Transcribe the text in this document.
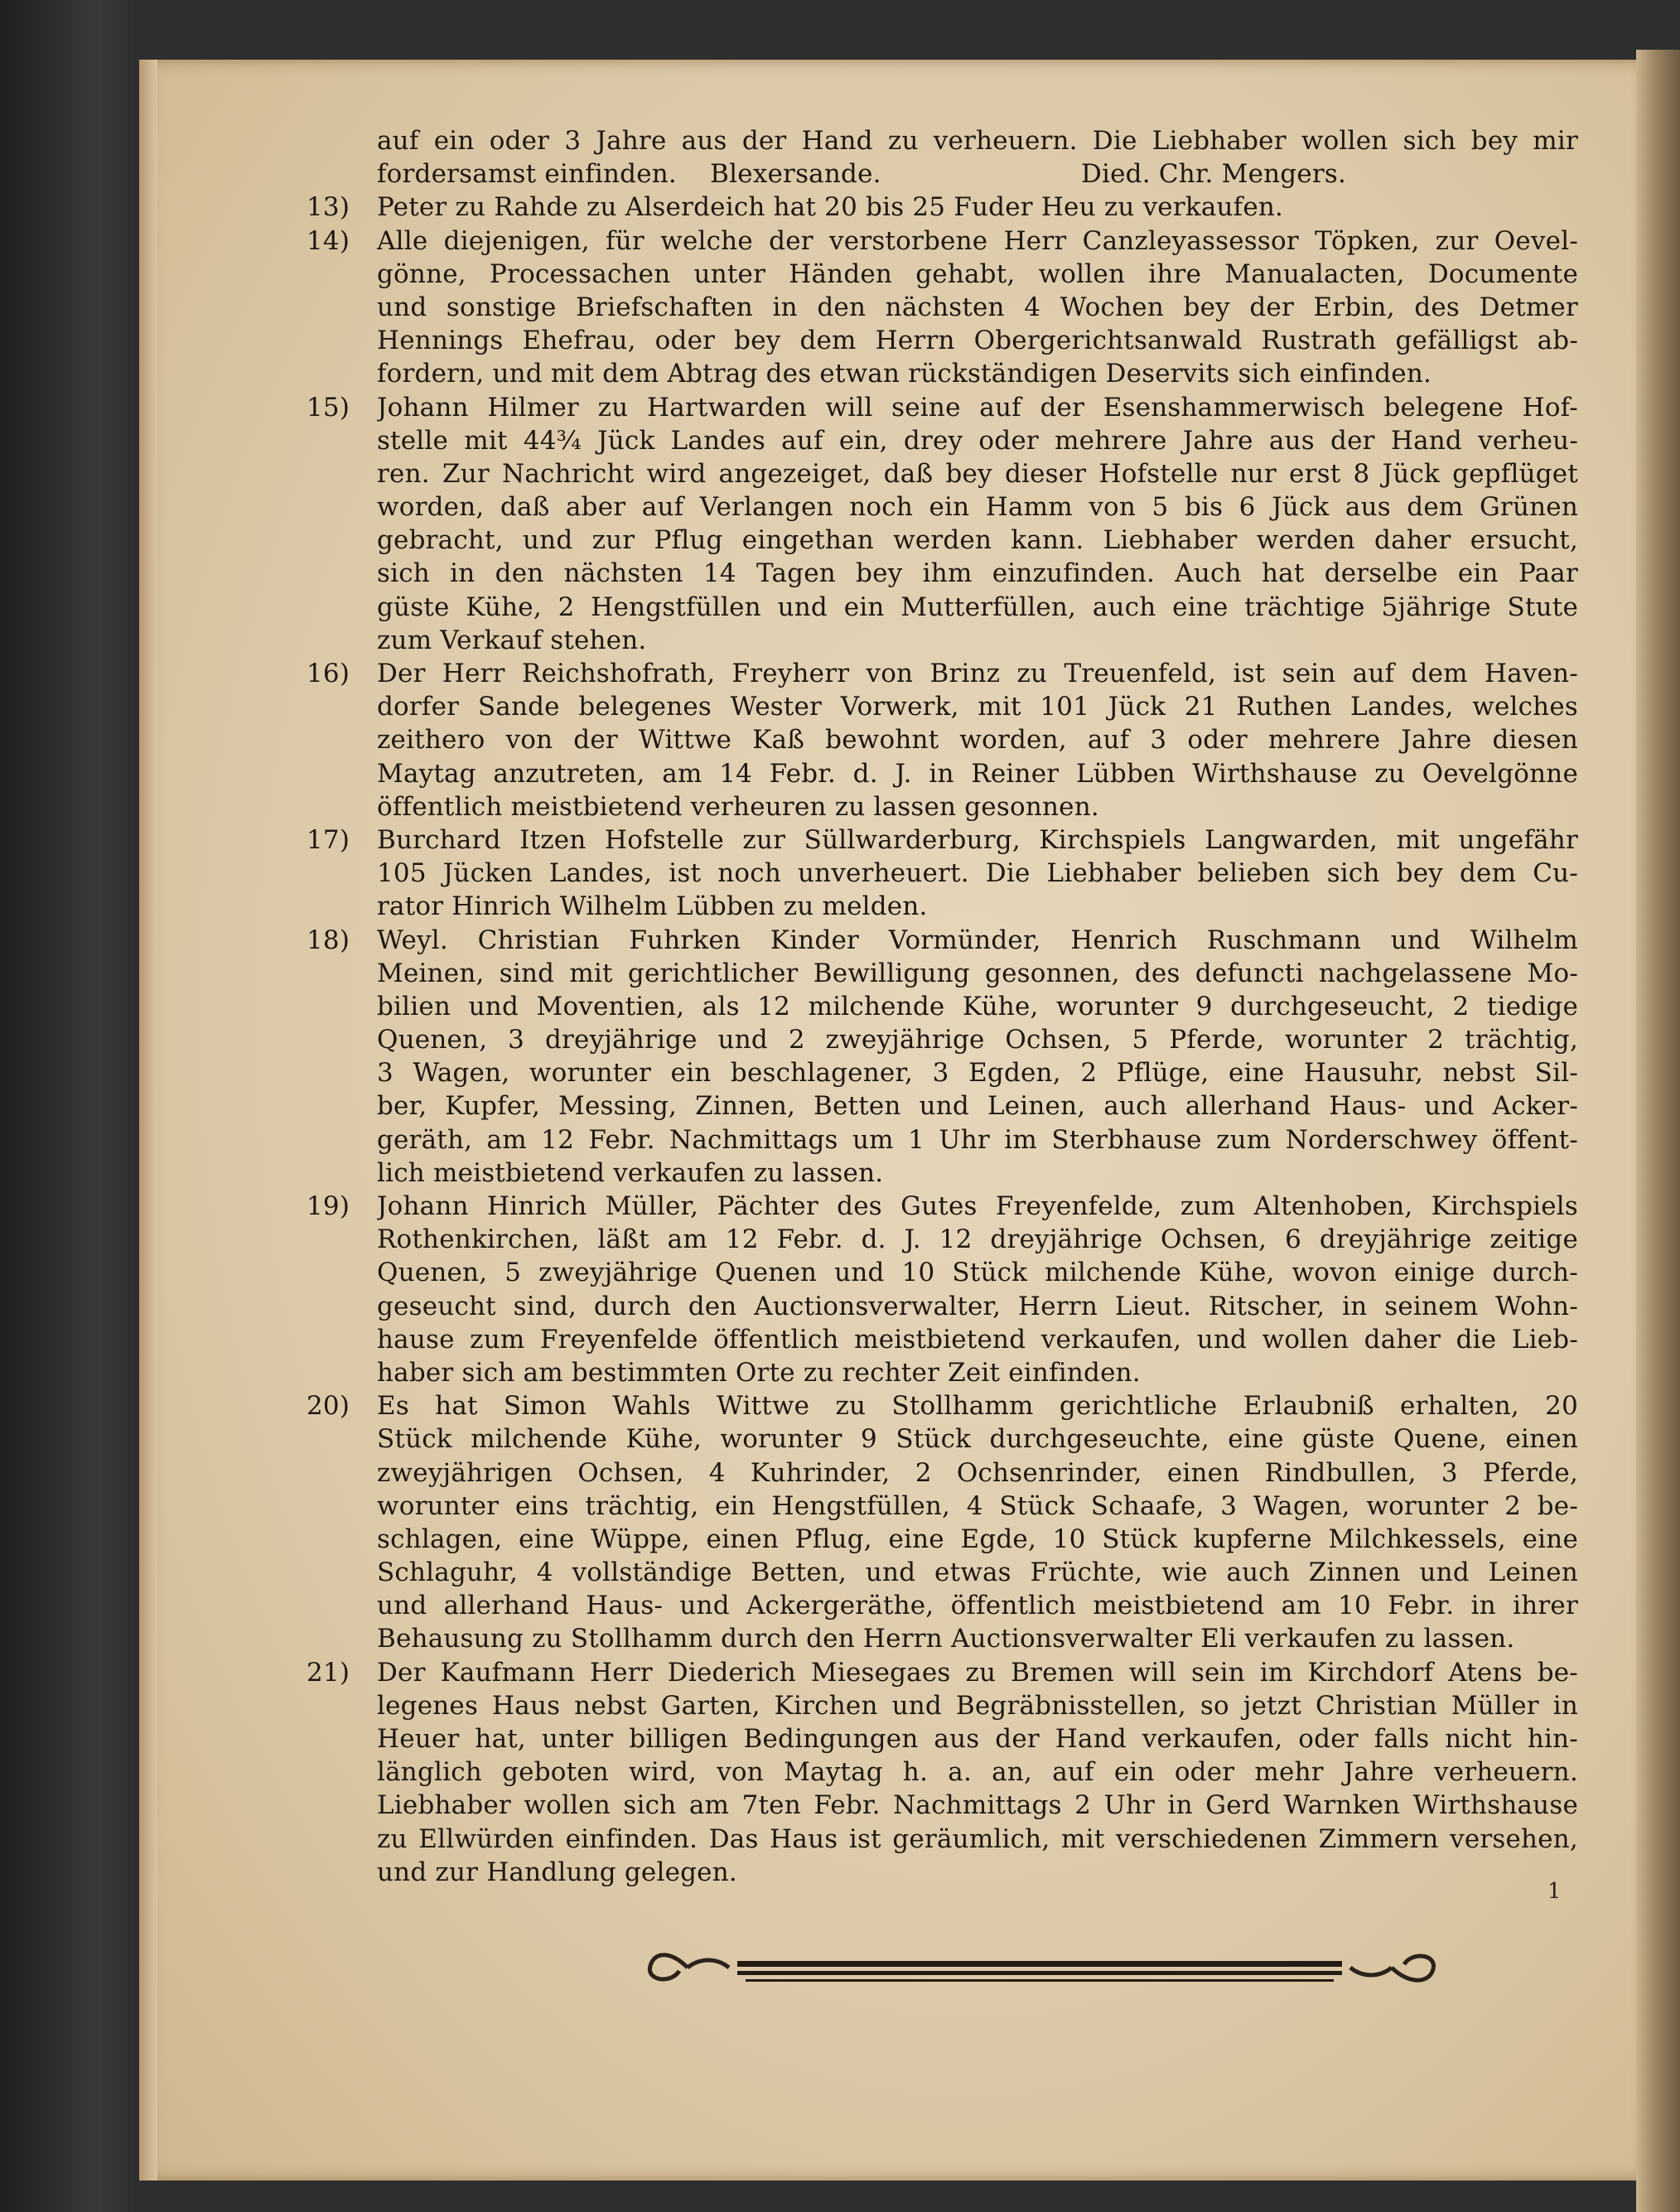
auf ein oder 3 Jahre aus der Hand zu verheuern. Die Liebhaber wollen sich bey mir
fordersamst einfinden.    Blexersande.                        Died. Chr. Mengers.
13)	Peter zu Rahde zu Alserdeich hat 20 bis 25 Fuder Heu zu verkaufen.
14)	Alle diejenigen, für welche der verstorbene Herr Canzleyassessor Töpken, zur Oevel-
gönne, Processachen unter Händen gehabt, wollen ihre Manualacten, Documente
und sonstige Briefschaften in den nächsten 4 Wochen bey der Erbin, des Detmer
Hennings Ehefrau, oder bey dem Herrn Obergerichtsanwald Rustrath gefälligst ab-
fordern, und mit dem Abtrag des etwan rückständigen Deservits sich einfinden.
15)	Johann Hilmer zu Hartwarden will seine auf der Esenshammerwisch belegene Hof-
stelle mit 44¾ Jück Landes auf ein, drey oder mehrere Jahre aus der Hand verheu-
ren. Zur Nachricht wird angezeiget, daß bey dieser Hofstelle nur erst 8 Jück gepflüget
worden, daß aber auf Verlangen noch ein Hamm von 5 bis 6 Jück aus dem Grünen
gebracht, und zur Pflug eingethan werden kann. Liebhaber werden daher ersucht,
sich in den nächsten 14 Tagen bey ihm einzufinden. Auch hat derselbe ein Paar
güste Kühe, 2 Hengstfüllen und ein Mutterfüllen, auch eine trächtige 5jährige Stute
zum Verkauf stehen.
16)	Der Herr Reichshofrath, Freyherr von Brinz zu Treuenfeld, ist sein auf dem Haven-
dorfer Sande belegenes Wester Vorwerk, mit 101 Jück 21 Ruthen Landes, welches
zeithero von der Wittwe Kaß bewohnt worden, auf 3 oder mehrere Jahre diesen
Maytag anzutreten, am 14 Febr. d. J. in Reiner Lübben Wirthshause zu Oevelgönne
öffentlich meistbietend verheuren zu lassen gesonnen.
17)	Burchard Itzen Hofstelle zur Süllwarderburg, Kirchspiels Langwarden, mit ungefähr
105 Jücken Landes, ist noch unverheuert. Die Liebhaber belieben sich bey dem Cu-
rator Hinrich Wilhelm Lübben zu melden.
18)	Weyl. Christian Fuhrken Kinder Vormünder, Henrich Ruschmann und Wilhelm
Meinen, sind mit gerichtlicher Bewilligung gesonnen, des defuncti nachgelassene Mo-
bilien und Moventien, als 12 milchende Kühe, worunter 9 durchgeseucht, 2 tiedige
Quenen, 3 dreyjährige und 2 zweyjährige Ochsen, 5 Pferde, worunter 2 trächtig,
3 Wagen, worunter ein beschlagener, 3 Egden, 2 Pflüge, eine Hausuhr, nebst Sil-
ber, Kupfer, Messing, Zinnen, Betten und Leinen, auch allerhand Haus- und Acker-
geräth, am 12 Febr. Nachmittags um 1 Uhr im Sterbhause zum Norderschwey öffent-
lich meistbietend verkaufen zu lassen.
19)	Johann Hinrich Müller, Pächter des Gutes Freyenfelde, zum Altenhoben, Kirchspiels
Rothenkirchen, läßt am 12 Febr. d. J. 12 dreyjährige Ochsen, 6 dreyjährige zeitige
Quenen, 5 zweyjährige Quenen und 10 Stück milchende Kühe, wovon einige durch-
geseucht sind, durch den Auctionsverwalter, Herrn Lieut. Ritscher, in seinem Wohn-
hause zum Freyenfelde öffentlich meistbietend verkaufen, und wollen daher die Lieb-
haber sich am bestimmten Orte zu rechter Zeit einfinden.
20)	Es hat Simon Wahls Wittwe zu Stollhamm gerichtliche Erlaubniß erhalten, 20
Stück milchende Kühe, worunter 9 Stück durchgeseuchte, eine güste Quene, einen
zweyjährigen Ochsen, 4 Kuhrinder, 2 Ochsenrinder, einen Rindbullen, 3 Pferde,
worunter eins trächtig, ein Hengstfüllen, 4 Stück Schaafe, 3 Wagen, worunter 2 be-
schlagen, eine Wüppe, einen Pflug, eine Egde, 10 Stück kupferne Milchkessels, eine
Schlaguhr, 4 vollständige Betten, und etwas Früchte, wie auch Zinnen und Leinen
und allerhand Haus- und Ackergeräthe, öffentlich meistbietend am 10 Febr. in ihrer
Behausung zu Stollhamm durch den Herrn Auctionsverwalter Eli verkaufen zu lassen.
21)	Der Kaufmann Herr Diederich Miesegaes zu Bremen will sein im Kirchdorf Atens be-
legenes Haus nebst Garten, Kirchen und Begräbnisstellen, so jetzt Christian Müller in
Heuer hat, unter billigen Bedingungen aus der Hand verkaufen, oder falls nicht hin-
länglich geboten wird, von Maytag h. a. an, auf ein oder mehr Jahre verheuern.
Liebhaber wollen sich am 7ten Febr. Nachmittags 2 Uhr in Gerd Warnken Wirthshause
zu Ellwürden einfinden. Das Haus ist geräumlich, mit verschiedenen Zimmern versehen,
und zur Handlung gelegen.
1
